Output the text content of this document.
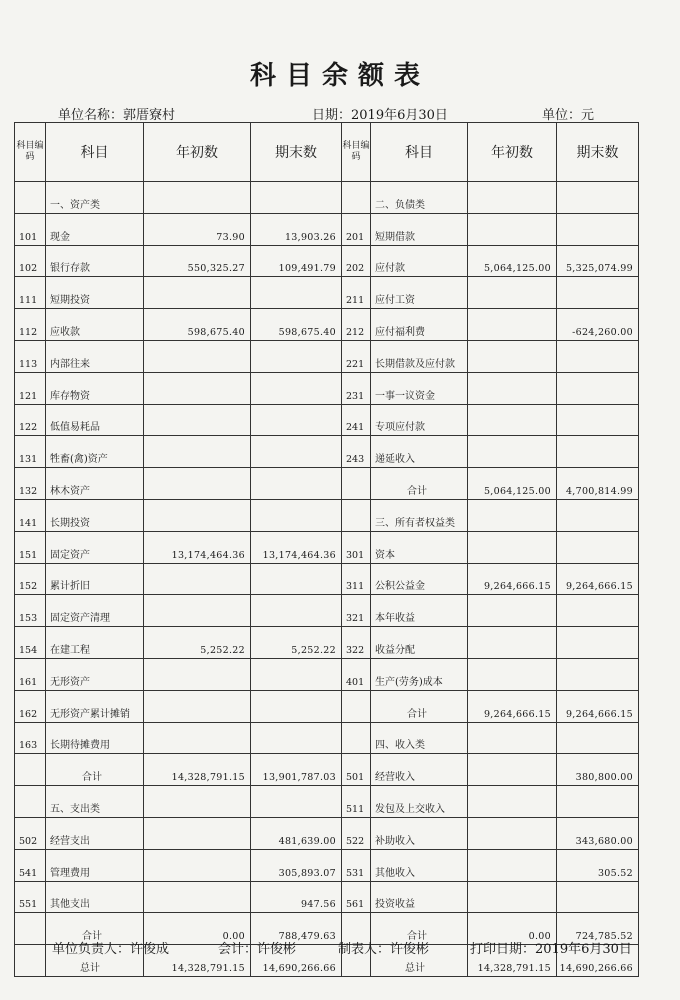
科目余额表
单位名称：郭厝寮村	日期：2019年6月30日	单位：元
科目编码	科目	年初数	期末数	科目编码	科目	年初数	期末数
	一、资产类				二、负债类		
101	现金	73.90	13,903.26	201	短期借款		
102	银行存款	550,325.27	109,491.79	202	应付款	5,064,125.00	5,325,074.99
111	短期投资			211	应付工资		
112	应收款	598,675.40	598,675.40	212	应付福利费		-624,260.00
113	内部往来			221	长期借款及应付款		
121	库存物资			231	一事一议资金		
122	低值易耗品			241	专项应付款		
131	牲畜(禽)资产			243	递延收入		
132	林木资产				合计	5,064,125.00	4,700,814.99
141	长期投资				三、所有者权益类		
151	固定资产	13,174,464.36	13,174,464.36	301	资本		
152	累计折旧			311	公积公益金	9,264,666.15	9,264,666.15
153	固定资产清理			321	本年收益		
154	在建工程	5,252.22	5,252.22	322	收益分配		
161	无形资产			401	生产(劳务)成本		
162	无形资产累计摊销				合计	9,264,666.15	9,264,666.15
163	长期待摊费用				四、收入类		
	合计	14,328,791.15	13,901,787.03	501	经营收入		380,800.00
	五、支出类			511	发包及上交收入		
502	经营支出		481,639.00	522	补助收入		343,680.00
541	管理费用		305,893.07	531	其他收入		305.52
551	其他支出		947.56	561	投资收益		
	合计	0.00	788,479.63		合计	0.00	724,785.52
	总计	14,328,791.15	14,690,266.66		总计	14,328,791.15	14,690,266.66
单位负责人：许俊成	会计：许俊彬	制表人：许俊彬	打印日期：2019年6月30日
